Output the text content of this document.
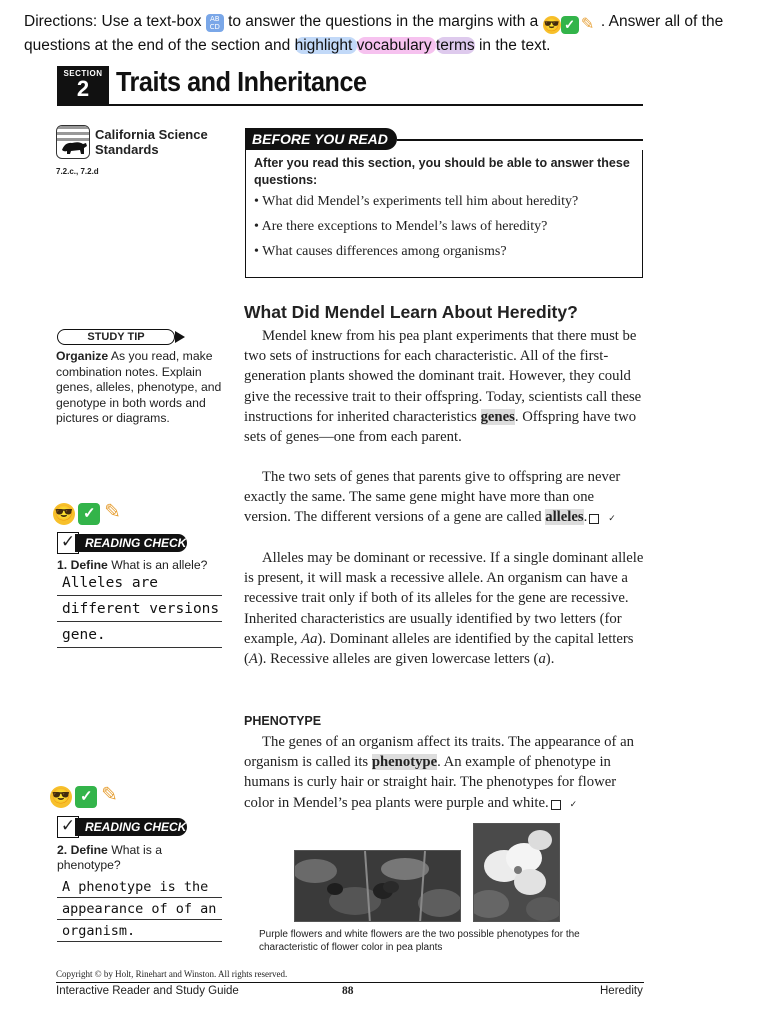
Directions: Use a text-box AB
CD to answer the questions in the margins with a 😎 ✓ ✎ . Answer all of the questions at the end of the section and highlight vocabulary terms in the text.
SECTION
2 Traits and Inheritance
California Science
Standards
7.2.c., 7.2.d
BEFORE YOU READ
After you read this section, you should be able to answer these questions:
• What did Mendel’s experiments tell him about heredity?
• Are there exceptions to Mendel’s laws of heredity?
• What causes differences among organisms?
What Did Mendel Learn About Heredity?
STUDY TIP
Organize As you read, make combination notes. Explain genes, alleles, phenotype, and genotype in both words and pictures or diagrams.
Mendel knew from his pea plant experiments that there must be two sets of instructions for each characteristic. All of the first-generation plants showed the dominant trait. However, they could give the recessive trait to their offspring. Today, scientists call these instructions for inherited characteristics genes. Offspring have two sets of genes—one from each parent.
The two sets of genes that parents give to offspring are never exactly the same. The same gene might have more than one version. The different versions of a gene are called alleles. ✓
Alleles may be dominant or recessive. If a single dominant allele is present, it will mask a recessive allele. An organism can have a recessive trait only if both of its alleles for the gene are recessive. Inherited characteristics are usually identified by two letters (for example, Aa). Dominant alleles are identified by the capital letters (A). Recessive alleles are given lowercase letters (a).
PHENOTYPE
The genes of an organism affect its traits. The appearance of an organism is called its phenotype. An example of phenotype in humans is curly hair or straight hair. The phenotypes for flower color in Mendel’s pea plants were purple and white. ✓
😎 ✓ ✎
✓ READING CHECK
1. Define What is an allele?
Alleles are
different versions
gene.
😎 ✓ ✎
✓ READING CHECK
2. Define What is a phenotype?
A phenotype is the
appearance of of an
organism.	Purple flowers and white flowers are the two possible phenotypes for the characteristic of flower color in pea plants
Copyright © by Holt, Rinehart and Winston. All rights reserved.
Interactive Reader and Study Guide	88	Heredity
